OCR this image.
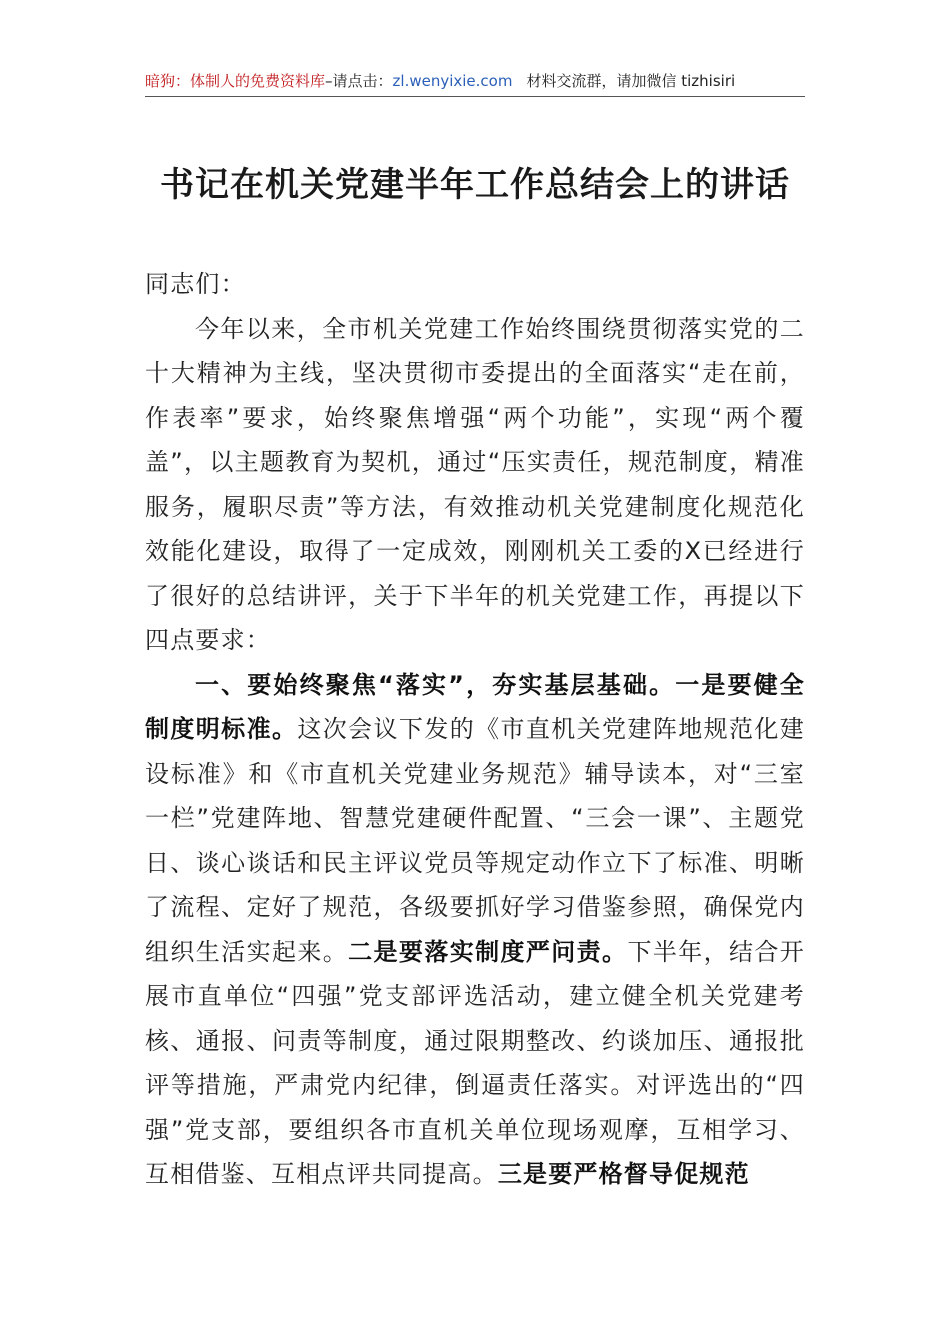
暗狗：体制人的免费资料库–请点击：zl.wenyixie.com 材料交流群，请加微信 tizhisiri
书记在机关党建半年工作总结会上的讲话

同志们：

今年以来，全市机关党建工作始终围绕贯彻落实党的二十大精神为主线，坚决贯彻市委提出的全面落实“走在前，作表率”要求，始终聚焦增强“两个功能”，实现“两个覆盖”，以主题教育为契机，通过“压实责任，规范制度，精准服务，履职尽责”等方法，有效推动机关党建制度化规范化效能化建设，取得了一定成效，刚刚机关工委的X已经进行了很好的总结讲评，关于下半年的机关党建工作，再提以下四点要求：

一、要始终聚焦“落实”，夯实基层基础。一是要健全制度明标准。这次会议下发的《市直机关党建阵地规范化建设标准》和《市直机关党建业务规范》辅导读本，对“三室一栏”党建阵地、智慧党建硬件配置、“三会一课”、主题党日、谈心谈话和民主评议党员等规定动作立下了标准、明晰了流程、定好了规范，各级要抓好学习借鉴参照，确保党内组织生活实起来。二是要落实制度严问责。下半年，结合开展市直单位“四强”党支部评选活动，建立健全机关党建考核、通报、问责等制度，通过限期整改、约谈加压、通报批评等措施，严肃党内纪律，倒逼责任落实。对评选出的“四强”党支部，要组织各市直机关单位现场观摩，互相学习、互相借鉴、互相点评共同提高。三是要严格督导促规范
